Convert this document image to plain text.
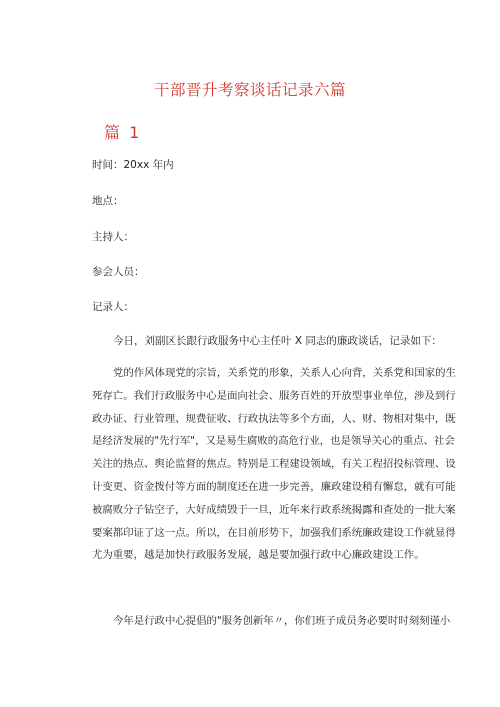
干部晋升考察谈话记录六篇
篇 1
时间：20xx 年内
地点：
主持人：
参会人员：
记录人：
今日，刘副区长跟行政服务中心主任叶 X 同志的廉政谈话，记录如下：
党的作风体现党的宗旨，关系党的形象，关系人心向背，关系党和国家的生
死存亡。我们行政服务中心是面向社会、服务百姓的开放型事业单位，涉及到行
政办证、行业管理、规费征收、行政执法等多个方面，人、财、物相对集中，既
是经济发展的"先行军"，又是易生腐败的高危行业，也是领导关心的重点、社会
关注的热点、舆论监督的焦点。特别是工程建设领域，有关工程招投标管理、设
计变更、资金拨付等方面的制度还在进一步完善，廉政建设稍有懈怠，就有可能
被腐败分子钻空子，大好成绩毁于一旦，近年来行政系统揭露和查处的一批大案
要案都印证了这一点。所以，在目前形势下，加强我们系统廉政建设工作就显得
尤为重要，越是加快行政服务发展，越是要加强行政中心廉政建设工作。
今年是行政中心提倡的"服务创新年〃，你们班子成员务必要时时刻刻谨小
